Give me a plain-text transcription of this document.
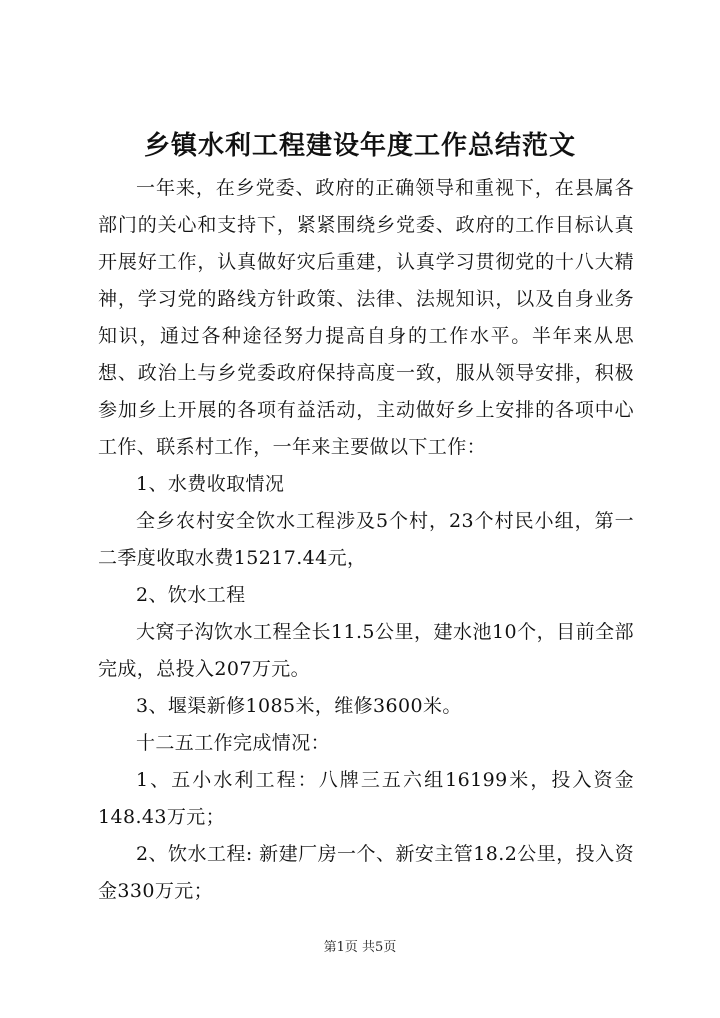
乡镇水利工程建设年度工作总结范文

一年来，在乡党委、政府的正确领导和重视下，在县属各部门的关心和支持下，紧紧围绕乡党委、政府的工作目标认真开展好工作，认真做好灾后重建，认真学习贯彻党的十八大精神，学习党的路线方针政策、法律、法规知识，以及自身业务知识，通过各种途径努力提高自身的工作水平。半年来从思想、政治上与乡党委政府保持高度一致，服从领导安排，积极参加乡上开展的各项有益活动，主动做好乡上安排的各项中心工作、联系村工作，一年来主要做以下工作：

1、水费收取情况

全乡农村安全饮水工程涉及5个村，23个村民小组，第一二季度收取水费15217.44元，

2、饮水工程

大窝子沟饮水工程全长11.5公里，建水池10个，目前全部完成，总投入207万元。

3、堰渠新修1085米，维修3600米。

十二五工作完成情况：

1、五小水利工程：八牌三五六组16199米，投入资金148.43万元；

2、饮水工程: 新建厂房一个、新安主管18.2公里，投入资金330万元；

第1页 共5页
